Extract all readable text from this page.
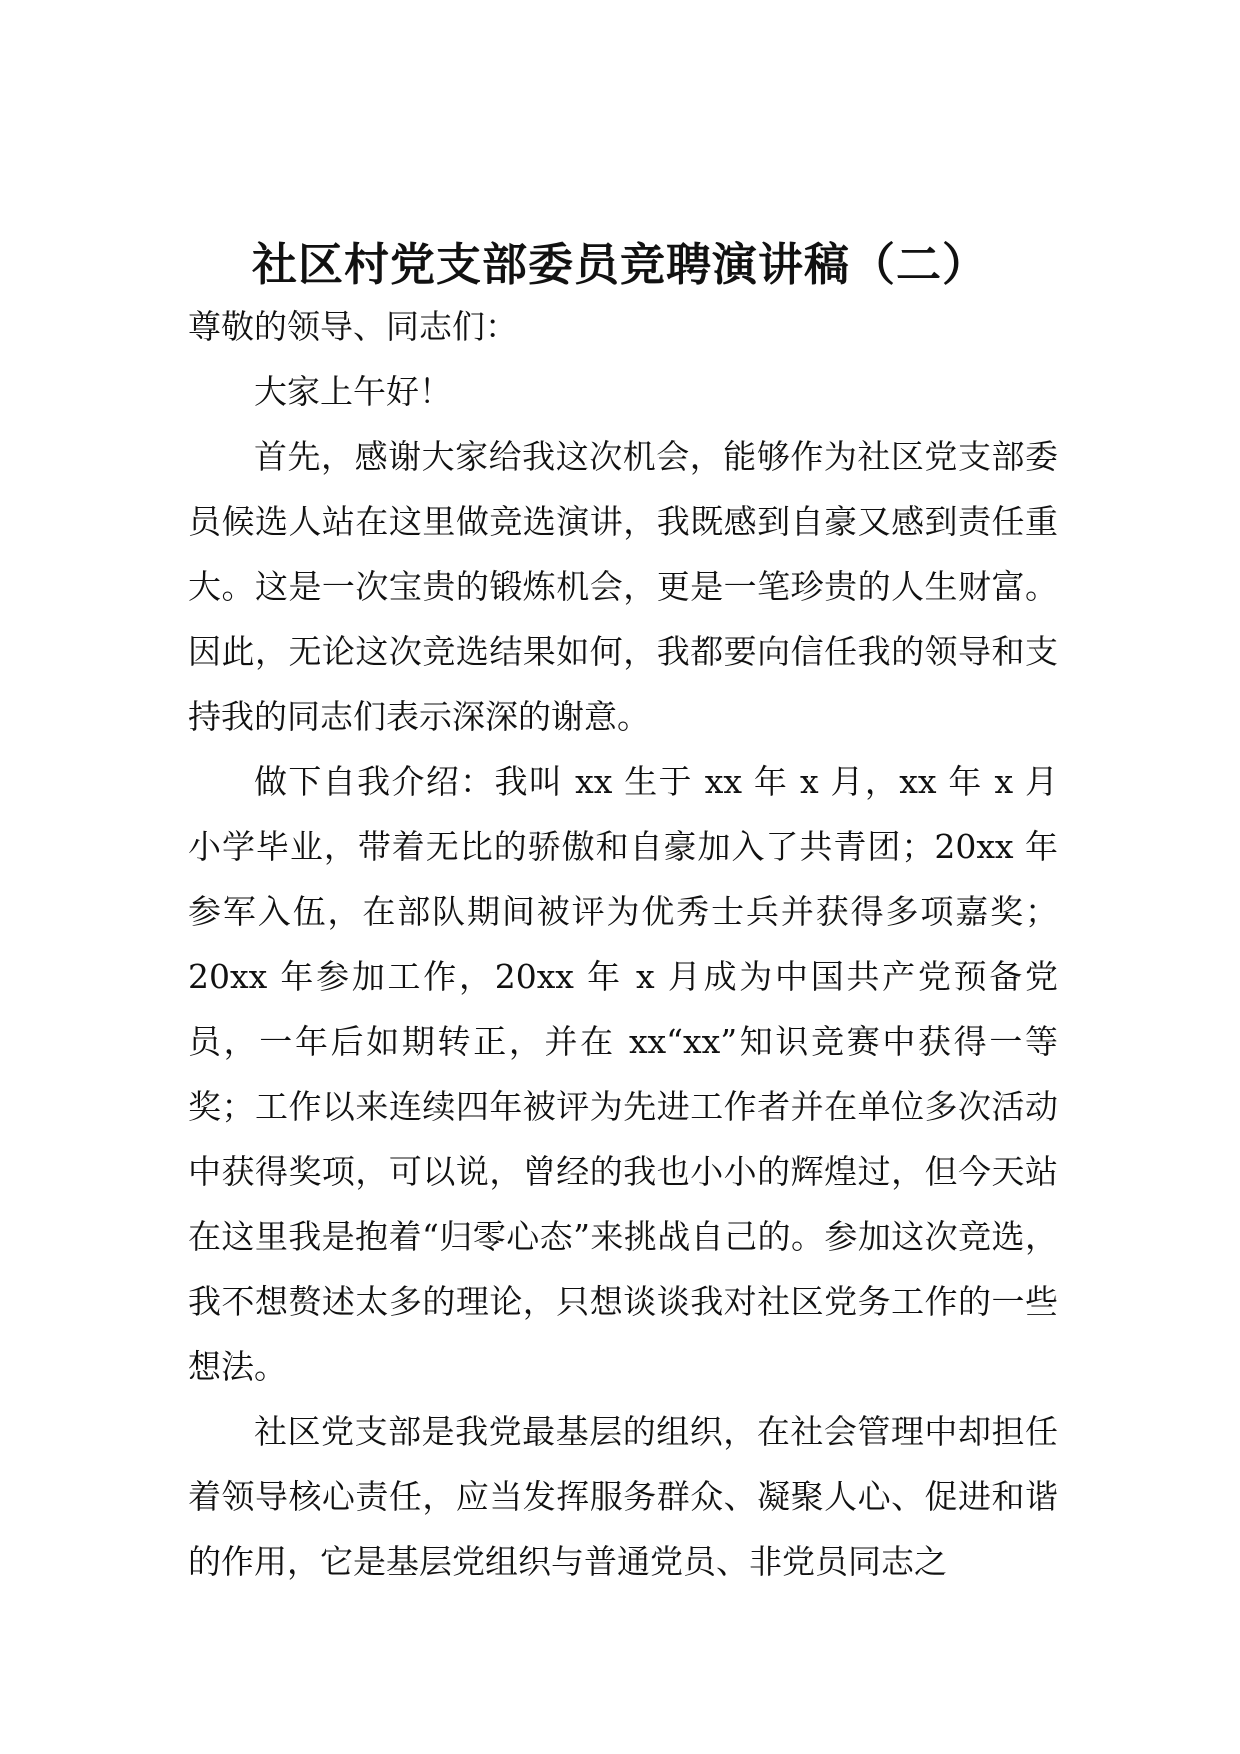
社区村党支部委员竞聘演讲稿（二）

尊敬的领导、同志们：

大家上午好！

首先，感谢大家给我这次机会，能够作为社区党支部委员候选人站在这里做竞选演讲，我既感到自豪又感到责任重大。这是一次宝贵的锻炼机会，更是一笔珍贵的人生财富。因此，无论这次竞选结果如何，我都要向信任我的领导和支持我的同志们表示深深的谢意。

做下自我介绍：我叫 xx 生于 xx 年 x 月，xx 年 x 月小学毕业，带着无比的骄傲和自豪加入了共青团；20xx 年参军入伍，在部队期间被评为优秀士兵并获得多项嘉奖；20xx 年参加工作，20xx 年 x 月成为中国共产党预备党员，一年后如期转正，并在 xx“xx”知识竞赛中获得一等奖；工作以来连续四年被评为先进工作者并在单位多次活动中获得奖项，可以说，曾经的我也小小的辉煌过，但今天站在这里我是抱着“归零心态”来挑战自己的。参加这次竞选，我不想赘述太多的理论，只想谈谈我对社区党务工作的一些想法。

社区党支部是我党最基层的组织，在社会管理中却担任着领导核心责任，应当发挥服务群众、凝聚人心、促进和谐的作用，它是基层党组织与普通党员、非党员同志之
